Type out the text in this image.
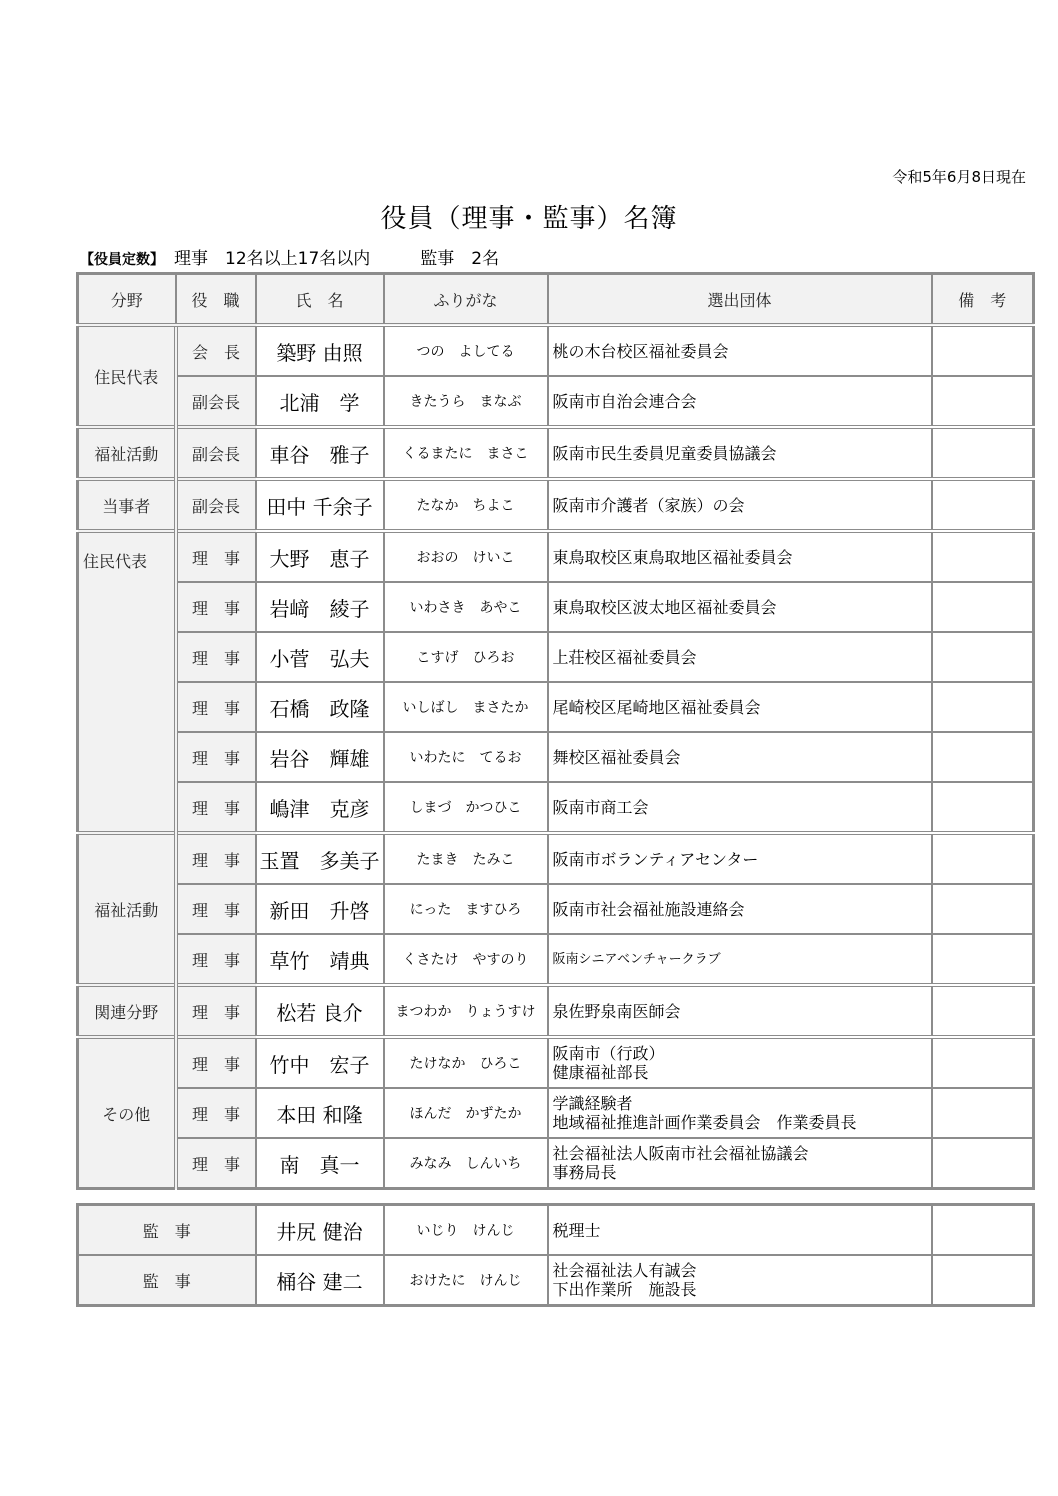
令和5年6月8日現在
役員（理事・監事）名簿
【役員定数】 理事　12名以上17名以内	監事　2名
分野	役　職	氏　名	ふりがな	選出団体	備　考
住民代表	会　長	築野 由照	つの　よしてる	桃の木台校区福祉委員会	

	副会長	北浦　学	きたうら　まなぶ	阪南市自治会連合会	

福祉活動	副会長	車谷　雅子	くるまたに　まさこ	阪南市民生委員児童委員協議会	

当事者	副会長	田中 千余子	たなか　ちよこ	阪南市介護者（家族）の会	

住民代表	理　事	大野　恵子	おおの　けいこ	東鳥取校区東鳥取地区福祉委員会	

	理　事	岩﨑　綾子	いわさき　あやこ	東鳥取校区波太地区福祉委員会	

	理　事	小菅　弘夫	こすげ　ひろお	上荘校区福祉委員会	

	理　事	石橋　政隆	いしばし　まさたか	尾崎校区尾崎地区福祉委員会	

	理　事	岩谷　輝雄	いわたに　てるお	舞校区福祉委員会	

	理　事	嶋津　克彦	しまづ　かつひこ	阪南市商工会	

福祉活動	理　事	玉置　多美子	たまき　たみこ	阪南市ボランティアセンター	

	理　事	新田　升啓	にった　ますひろ	阪南市社会福祉施設連絡会	

	理　事	草竹　靖典	くさたけ　やすのり	阪南シニアベンチャークラブ	

関連分野	理　事	松若 良介	まつわか　りょうすけ	泉佐野泉南医師会	

その他	理　事	竹中　宏子	たけなか　ひろこ	阪南市（行政）
健康福祉部長	

	理　事	本田 和隆	ほんだ　かずたか	学識経験者
地域福祉推進計画作業委員会　作業委員長	

	理　事	南　真一	みなみ　しんいち	社会福祉法人阪南市社会福祉協議会
事務局長	

監　事	井尻 健治	いじり　けんじ	税理士	

監　事	桶谷 建二	おけたに　けんじ	社会福祉法人有誠会
下出作業所　施設長	
